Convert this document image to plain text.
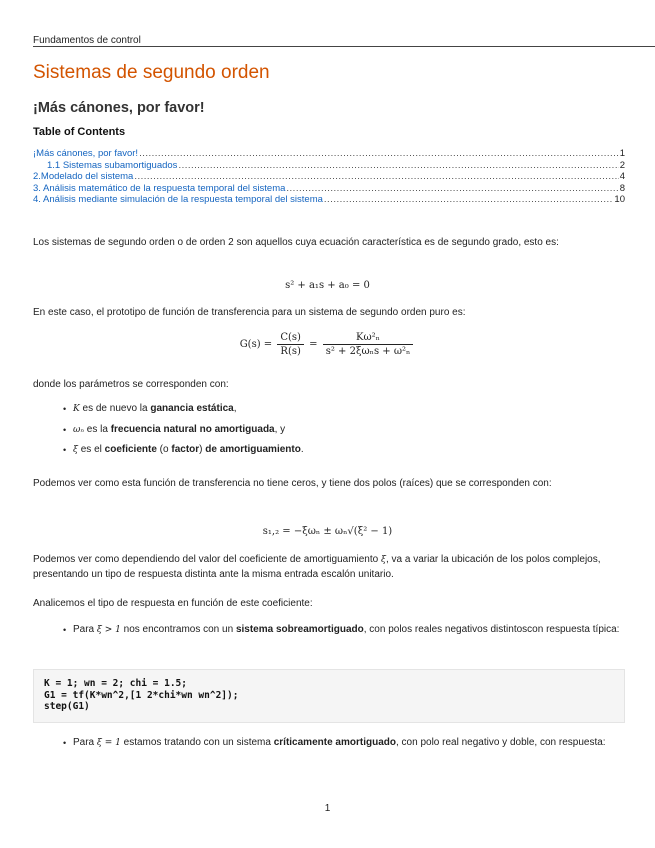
Fundamentos de control
Sistemas de segundo orden
¡Más cánones, por favor!
Table of Contents
¡Más cánones, por favor! .....	1
1.1 Sistemas subamortiguados .....	2
2.Modelado del sistema .....	4
3. Análisis matemático de la respuesta temporal del sistema .....	8
4. Análisis mediante simulación de la respuesta temporal del sistema .....	10

Los sistemas de segundo orden o de orden 2 son aquellos cuya ecuación característica es de segundo grado, esto es:

s² + a₁s + a₀ = 0

En este caso, el prototipo de función de transferencia para un sistema de segundo orden puro es:

$G(s) = \frac{C(s)}{R(s)} = \frac{\text{Kω²ₙ}}{\text{s² + 2ξωₙs + ω²ₙ}}$

donde los parámetros se corresponden con:

• K es de nuevo la ganancia estática,
• ωₙ es la frecuencia natural no amortiguada, y
• ξ es el coeficiente (o factor) de amortiguamiento.

Podemos ver como esta función de transferencia no tiene ceros, y tiene dos polos (raíces) que se corresponden con:

s₁,₂ = −ξωₙ ± ωₙ√(ξ² − 1)

Podemos ver como dependiendo del valor del coeficiente de amortiguamiento ξ, va a variar la ubicación de los polos complejos, presentando un tipo de respuesta distinta ante la misma entrada escalón unitario.

Analicemos el tipo de respuesta en función de este coeficiente:

• Para ξ > 1 nos encontramos con un sistema sobreamortiguado, con polos reales negativos distintoscon respuesta típica:
K = 1; wn = 2; chi = 1.5;
G1 = tf(K*wn^2,[1 2*chi*wn wn^2]);
step(G1)
• Para ξ = 1 estamos tratando con un sistema críticamente amortiguado, con polo real negativo y doble, con respuesta:
1
